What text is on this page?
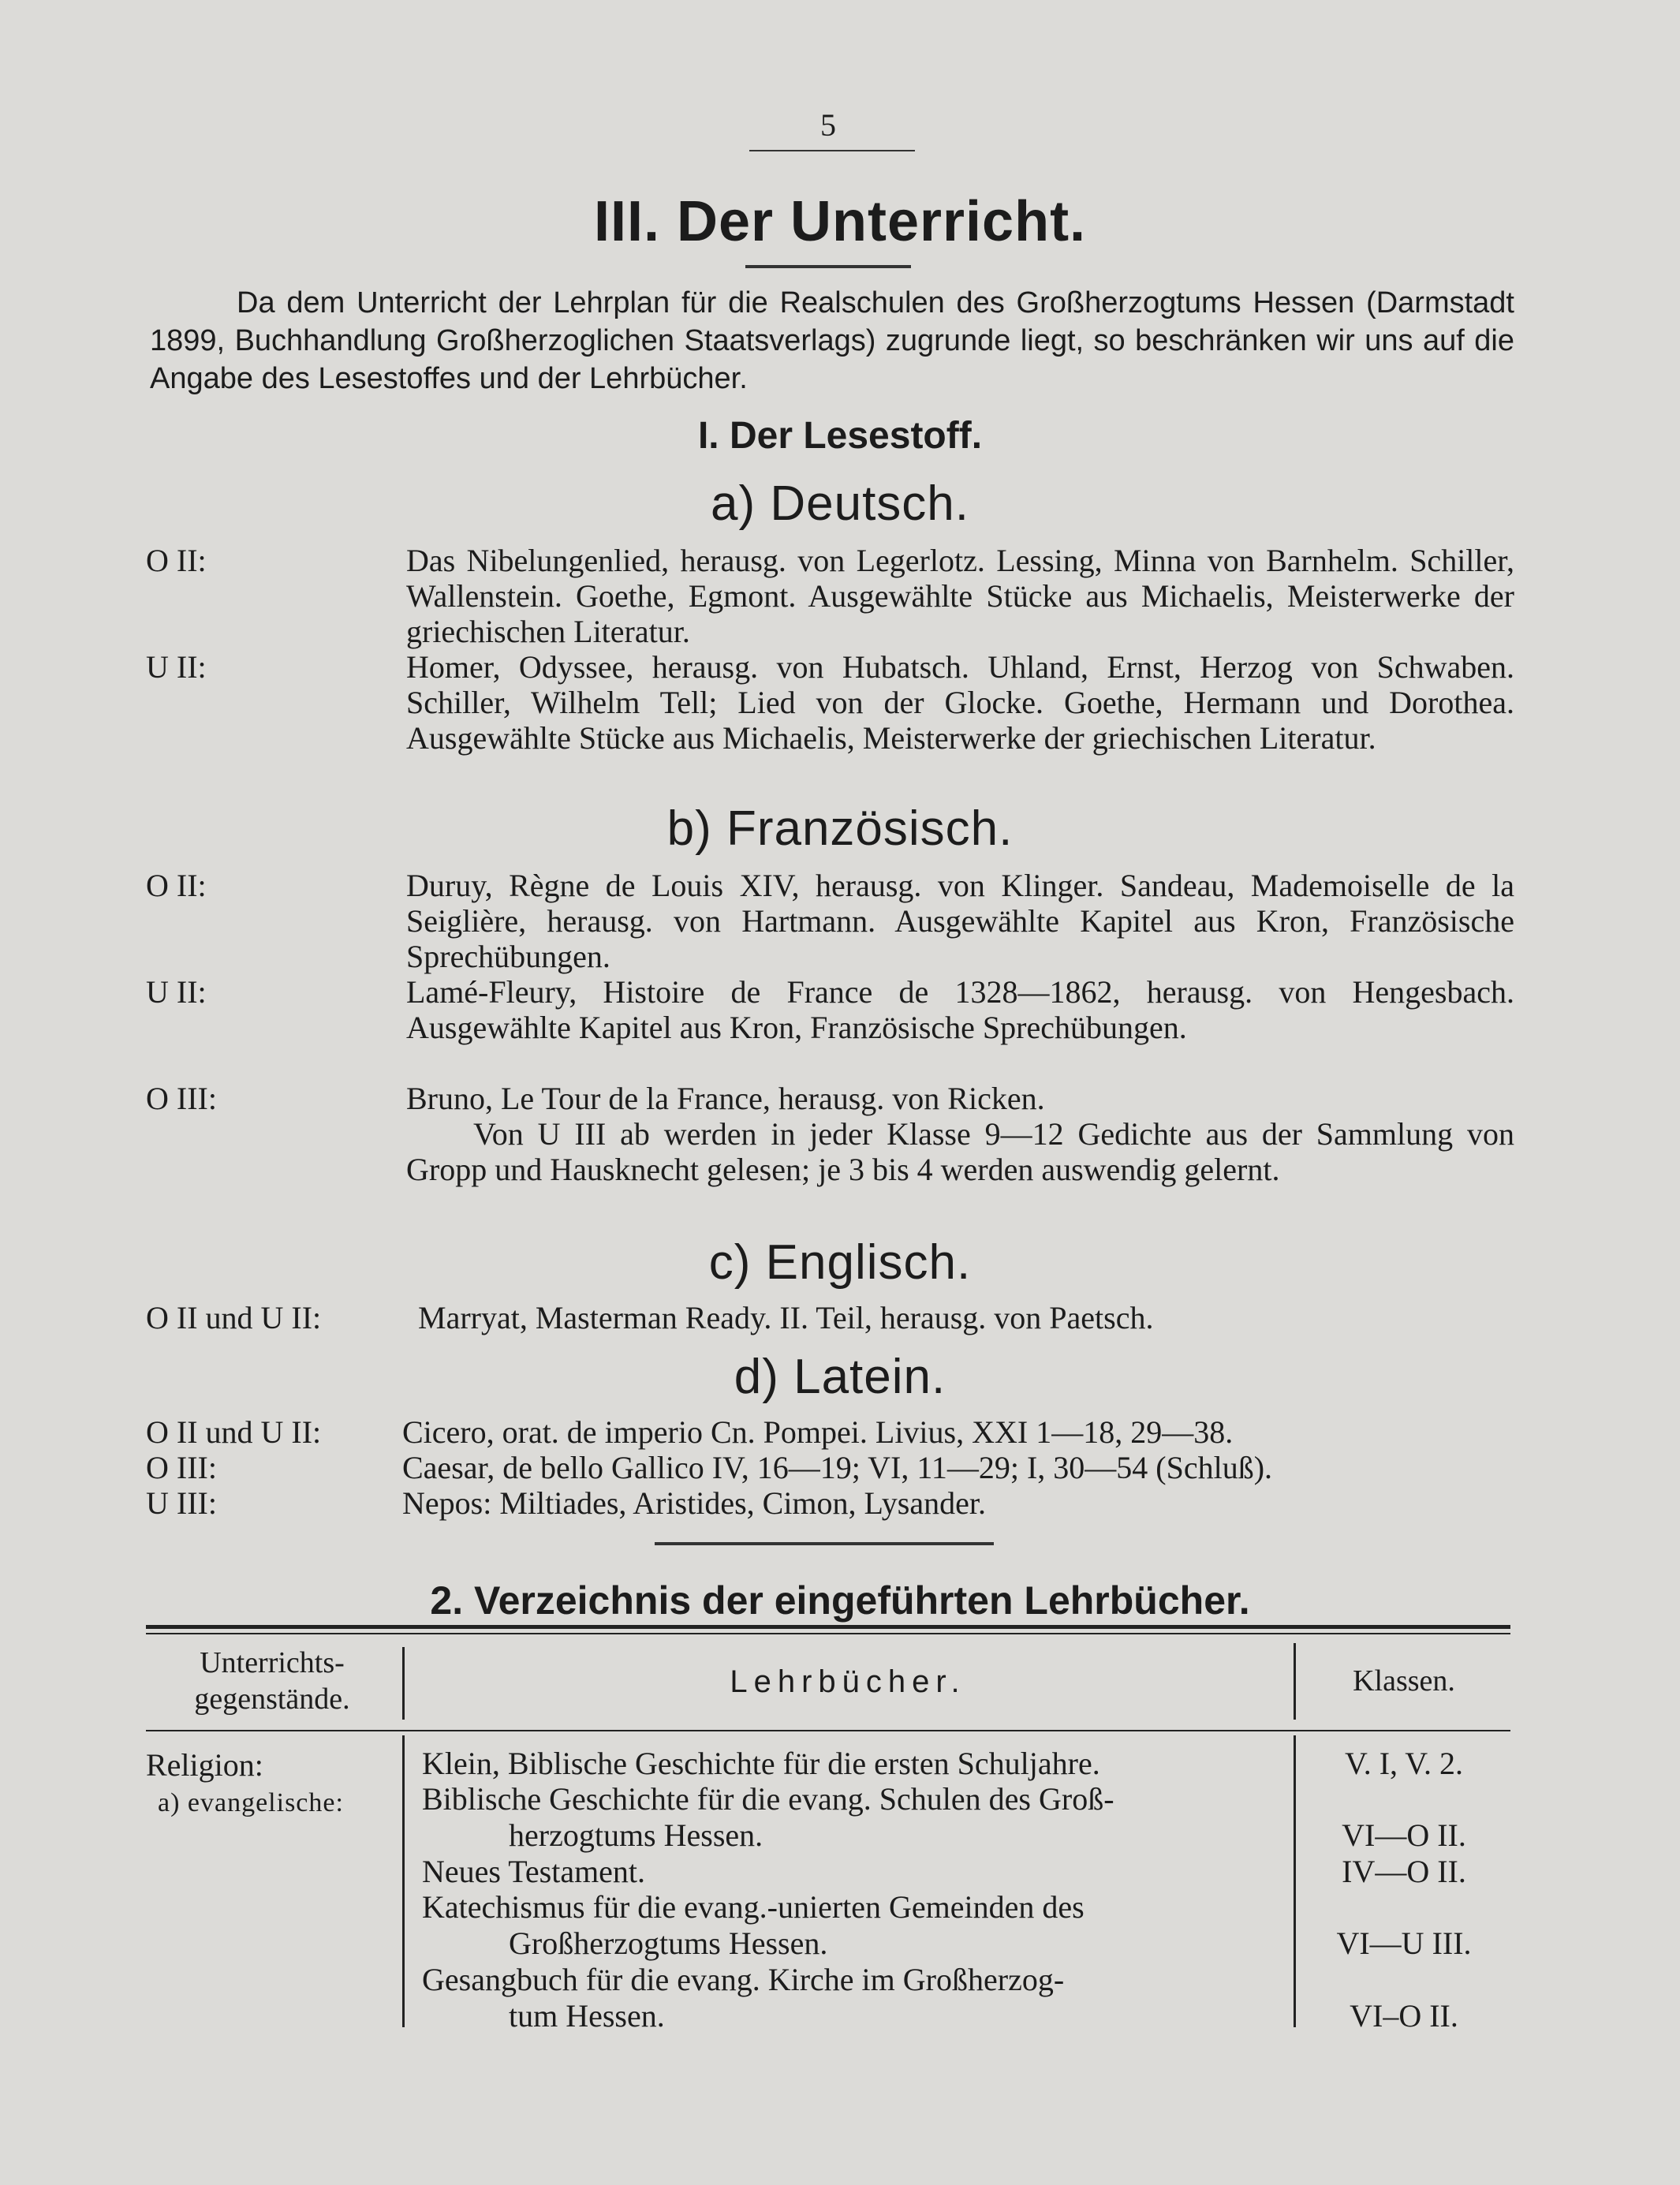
5
III. Der Unterricht.
Da dem Unterricht der Lehrplan für die Realschulen des Großherzogtums Hessen (Darmstadt 1899, Buchhandlung Großherzoglichen Staatsverlags) zugrunde liegt, so beschränken wir uns auf die Angabe des Lesestoffes und der Lehrbücher.
I. Der Lesestoff.
a) Deutsch.
O II:	Das Nibelungenlied, herausg. von Legerlotz. Lessing, Minna von Barnhelm. Schiller, Wallenstein. Goethe, Egmont. Ausgewählte Stücke aus Michaelis, Meisterwerke der griechischen Literatur.
U II:	Homer, Odyssee, herausg. von Hubatsch. Uhland, Ernst, Herzog von Schwaben. Schiller, Wilhelm Tell; Lied von der Glocke. Goethe, Hermann und Dorothea. Ausgewählte Stücke aus Michaelis, Meisterwerke der griechischen Literatur.
b) Französisch.
O II:	Duruy, Règne de Louis XIV, herausg. von Klinger. Sandeau, Mademoiselle de la Seiglière, herausg. von Hartmann. Ausgewählte Kapitel aus Kron, Französische Sprechübungen.
U II:	Lamé-Fleury, Histoire de France de 1328—1862, herausg. von Hengesbach. Ausgewählte Kapitel aus Kron, Französische Sprechübungen.
O III:	Bruno, Le Tour de la France, herausg. von Ricken.
Von U III ab werden in jeder Klasse 9—12 Gedichte aus der Sammlung von Gropp und Hausknecht gelesen; je 3 bis 4 werden auswendig gelernt.
c) Englisch.
O II und U II:	Marryat, Masterman Ready. II. Teil, herausg. von Paetsch.
d) Latein.
O II und U II:	Cicero, orat. de imperio Cn. Pompei. Livius, XXI 1—18, 29—38.
O III:	Caesar, de bello Gallico IV, 16—19; VI, 11—29; I, 30—54 (Schluß).
U III:	Nepos: Miltiades, Aristides, Cimon, Lysander.
2. Verzeichnis der eingeführten Lehrbücher.
Unterrichts-
gegenstände.	Lehrbücher.	Klassen.
Religion:
a) evangelische:
Klein, Biblische Geschichte für die ersten Schuljahre.	V. I, V. 2.
Biblische Geschichte für die evang. Schulen des Groß-
herzogtums Hessen.	VI—O II.
Neues Testament.	IV—O II.
Katechismus für die evang.-unierten Gemeinden des
Großherzogtums Hessen.	VI—U III.
Gesangbuch für die evang. Kirche im Großherzog-
tum Hessen.	VI–O II.
